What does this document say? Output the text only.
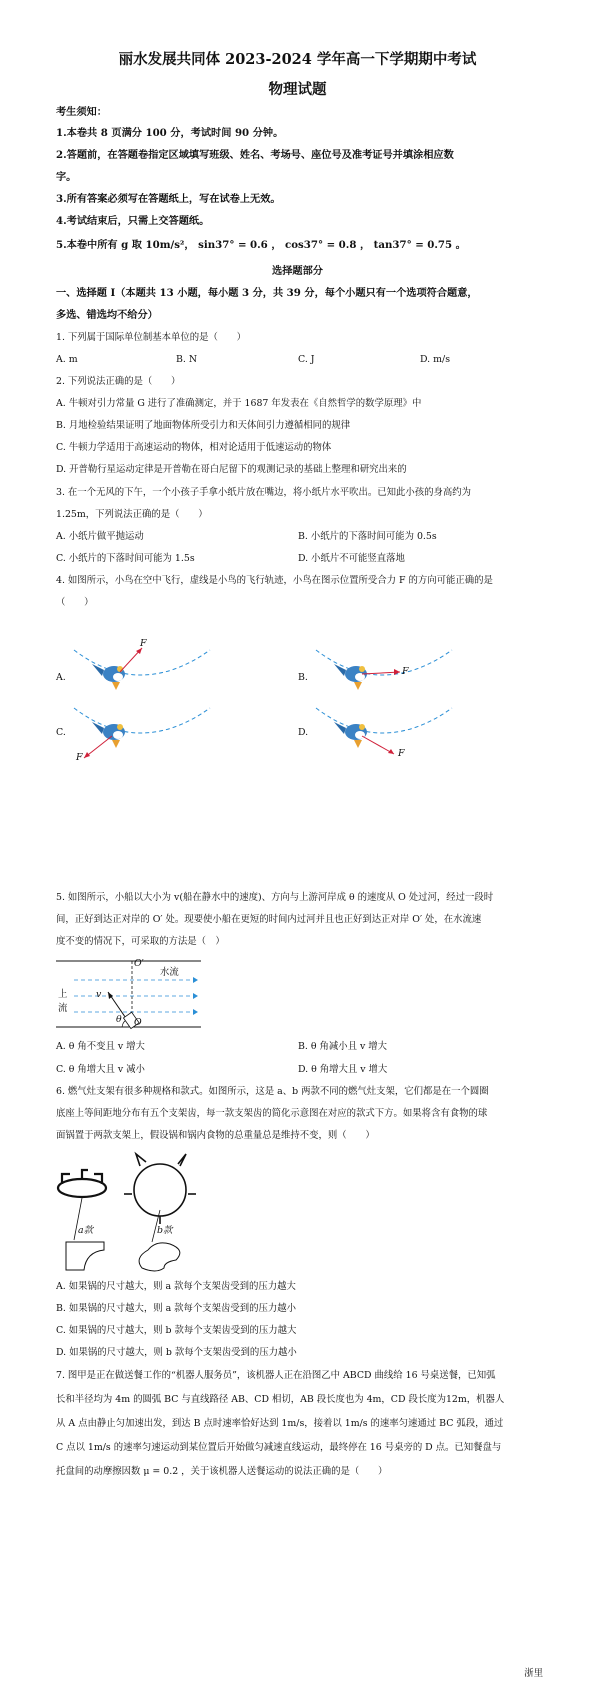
丽水发展共同体 2023-2024 学年高一下学期期中考试
物理试题
考生须知：
1.本卷共 8 页满分 100 分，考试时间 90 分钟。
2.答题前，在答题卷指定区域填写班级、姓名、考场号、座位号及准考证号并填涂相应数
字。
3.所有答案必须写在答题纸上，写在试卷上无效。
4.考试结束后，只需上交答题纸。
5.本卷中所有 g 取 10m/s²， sin37° = 0.6 ， cos37° = 0.8 ， tan37° = 0.75 。
选择题部分
一、选择题 I（本题共 13 小题，每小题 3 分，共 39 分，每个小题只有一个选项符合题意，
多选、错选均不给分）
1. 下列属于国际单位制基本单位的是（　　）
A. m	B. N	C. J	D. m/s
2. 下列说法正确的是（　　）
A. 牛顿对引力常量 G 进行了准确测定，并于 1687 年发表在《自然哲学的数学原理》中
B. 月地检验结果证明了地面物体所受引力和天体间引力遵循相同的规律
C. 牛顿力学适用于高速运动的物体，相对论适用于低速运动的物体
D. 开普勒行星运动定律是开普勒在哥白尼留下的观测记录的基础上整理和研究出来的
3. 在一个无风的下午，一个小孩子手拿小纸片放在嘴边，将小纸片水平吹出。已知此小孩的身高约为
1.25m，下列说法正确的是（　　）
A. 小纸片做平抛运动	B. 小纸片的下落时间可能为 0.5s
C. 小纸片的下落时间可能为 1.5s	D. 小纸片不可能竖直落地
4. 如图所示，小鸟在空中飞行，虚线是小鸟的飞行轨迹，小鸟在图示位置所受合力 F 的方向可能正确的是
（　　）
A.	B.
C.	D.
F
F
F	F
5. 如图所示，小船以大小为 v(船在静水中的速度)、方向与上游河岸成 θ 的速度从 O 处过河，经过一段时
间，正好到达正对岸的 O′ 处。现要使小船在更短的时间内过河并且也正好到达正对岸 O′ 处，在水流速
度不变的情况下，可采取的方法是（　）
水流
上
流
v
θ O
O′
A. θ 角不变且 v 增大	B. θ 角减小且 v 增大
C. θ 角增大且 v 减小	D. θ 角增大且 v 增大
6. 燃气灶支架有很多种规格和款式。如图所示，这是 a、b 两款不同的燃气灶支架，它们都是在一个圆圈
底座上等间距地分布有五个支架齿，每一款支架齿的简化示意图在对应的款式下方。如果将含有食物的球
面锅置于两款支架上，假设锅和锅内食物的总重量总是维持不变，则（　　）
a款	b款
A. 如果锅的尺寸越大，则 a 款每个支架齿受到的压力越大
B. 如果锅的尺寸越大，则 a 款每个支架齿受到的压力越小
C. 如果锅的尺寸越大，则 b 款每个支架齿受到的压力越大
D. 如果锅的尺寸越大，则 b 款每个支架齿受到的压力越小
7. 图甲是正在做送餐工作的“机器人服务员”，该机器人正在沿图乙中 ABCD 曲线给 16 号桌送餐，已知弧
长和半径均为 4m 的圆弧 BC 与直线路径 AB、CD 相切，AB 段长度也为 4m，CD 段长度为12m，机器人
从 A 点由静止匀加速出发，到达 B 点时速率恰好达到 1m/s，接着以 1m/s 的速率匀速通过 BC 弧段，通过
C 点以 1m/s 的速率匀速运动到某位置后开始做匀减速直线运动，最终停在 16 号桌旁的 D 点。已知餐盘与
托盘间的动摩擦因数 μ = 0.2 ，关于该机器人送餐运动的说法正确的是（　　）
浙里
